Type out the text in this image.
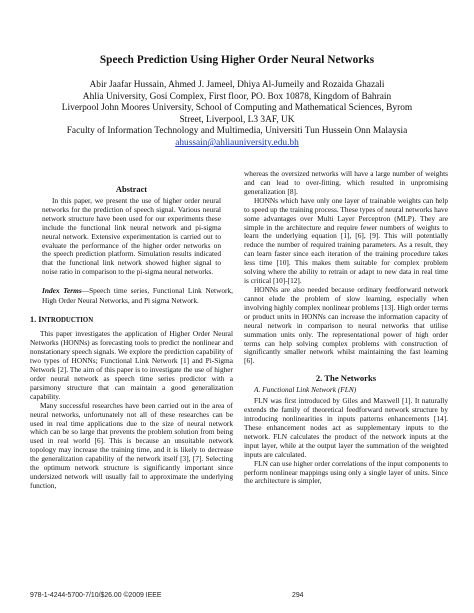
Speech Prediction Using Higher Order Neural Networks
Abir Jaafar Hussain, Ahmed J. Jameel, Dhiya Al-Jumeily and Rozaida Ghazali
Ahlia University, Gosi Complex, First floor, PO. Box 10878, Kingdom of Bahrain
Liverpool John Moores University, School of Computing and Mathematical Sciences, Byrom Street, Liverpool, L3 3AF, UK
Faculty of Information Technology and Multimedia, Universiti Tun Hussein Onn Malaysia
ahussain@ahliauniversity.edu.bh
Abstract

In this paper, we present the use of higher order neural networks for the prediction of speech signal. Various neural network structure have been used for our experiments these include the functional link neural network and pi-sigma neural network. Extensive experimentation is carried out to evaluate the performance of the higher order networks on the speech prediction platform. Simulation results indicated that the functional link network showed higher signal to noise ratio in comparison to the pi-sigma neural networks.

Index Terms—Speech time series, Functional Link Network, High Order Neural Networks, and Pi sigma Network.

1. INTRODUCTION

This paper investigates the application of Higher Order Neural Networks (HONNs) as forecasting tools to predict the nonlinear and nonstationary speech signals. We explore the prediction capability of two types of HONNs; Functional Link Network [1] and Pi-Sigma Network [2]. The aim of this paper is to investigate the use of higher order neural network as speech time series predictor with a parsimony structure that can maintain a good generalization capability.

Many successful researches have been carried out in the area of neural networks, unfortunately not all of these researches can be used in real time applications due to the size of neural network which can be so large that prevents the problem solution from being used in real world [6]. This is because an unsuitable network topology may increase the training time, and it is likely to decrease the generalization capability of the network itself [3], [7]. Selecting the optimum network structure is significantly important since undersized network will usually fail to approximate the underlying function,

whereas the oversized networks will have a large number of weights and can lead to over-fitting, which resulted in unpromising generalization [8].

HONNs which have only one layer of trainable weights can help to speed up the training process. These types of neural networks have some advantages over Multi Layer Perceptron (MLP). They are simple in the architecture and require fewer numbers of weights to learn the underlying equation [1], [6], [9]. This will potentially reduce the number of required training parameters. As a result, they can learn faster since each iteration of the training procedure takes less time [10]. This makes them suitable for complex problem solving where the ability to retrain or adapt to new data in real time is critical [10]-[12].

HONNs are also needed because ordinary feedforward network cannot elude the problem of slow learning, especially when involving highly complex nonlinear problems [13]. High order terms or product units in HONNs can increase the information capacity of neural network in comparison to neural networks that utilise summation units only. The representational power of high order terms can help solving complex problems with construction of significantly smaller network whilst maintaining the fast learning [6].

2. The Networks
A. Functional Link Network (FLN)

FLN was first introduced by Giles and Maxwell [1]. It naturally extends the family of theoretical feedforward network structure by introducing nonlinearities in inputs patterns enhancements [14]. These enhancement nodes act as supplementary inputs to the network. FLN calculates the product of the network inputs at the input layer, while at the output layer the summation of the weighted inputs are calculated.

FLN can use higher order correlations of the input components to perform nonlinear mappings using only a single layer of units. Since the architecture is simpler,

978-1-4244-5700-7/10/$26.00 ©2009 IEEE	294
